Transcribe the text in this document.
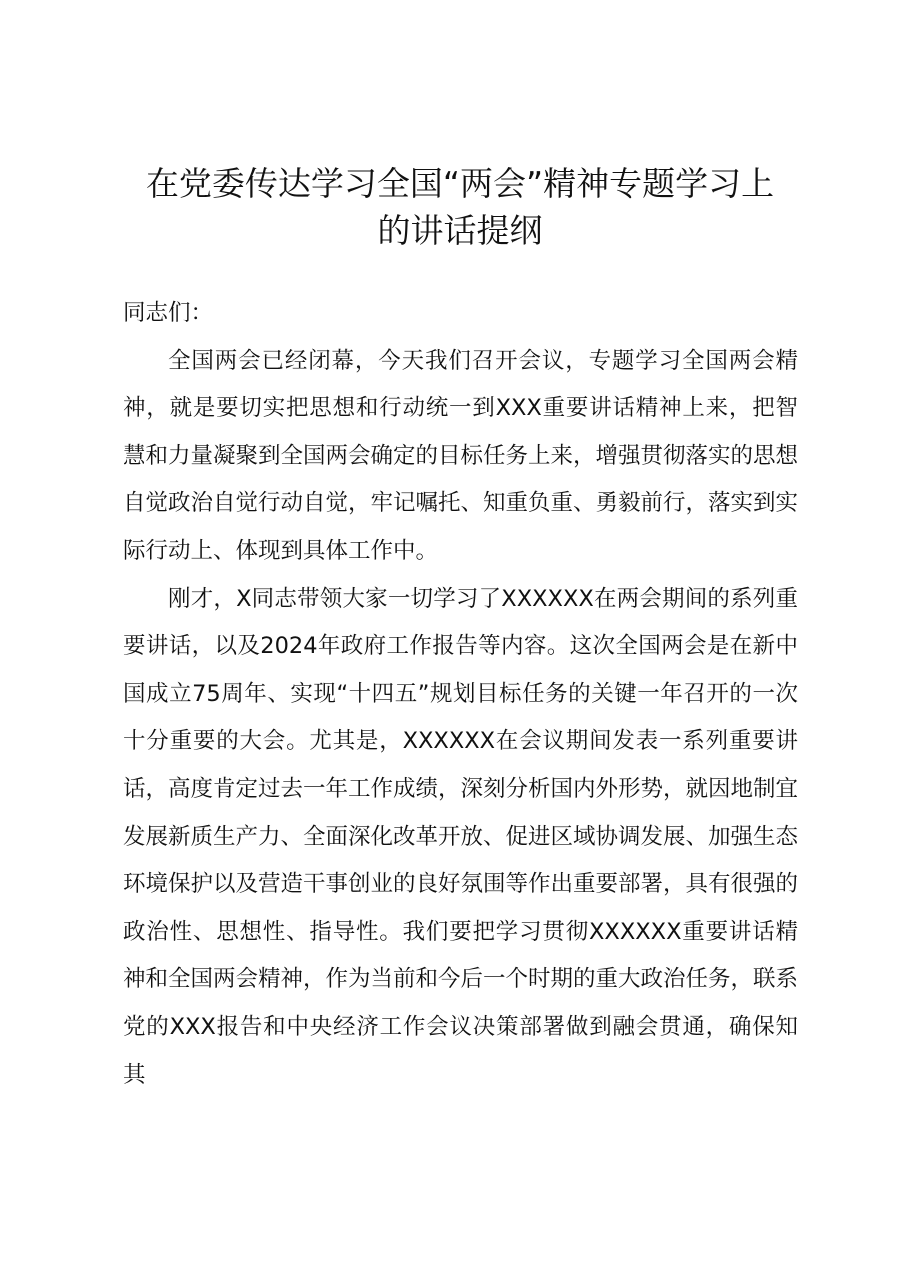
在党委传达学习全国“两会”精神专题学习上
的讲话提纲

同志们：

全国两会已经闭幕，今天我们召开会议，专题学习全国两会精神，就是要切实把思想和行动统一到XXX重要讲话精神上来，把智慧和力量凝聚到全国两会确定的目标任务上来，增强贯彻落实的思想自觉政治自觉行动自觉，牢记嘱托、知重负重、勇毅前行，落实到实际行动上、体现到具体工作中。

刚才，X同志带领大家一切学习了XXXXXX在两会期间的系列重要讲话，以及2024年政府工作报告等内容。这次全国两会是在新中国成立75周年、实现“十四五”规划目标任务的关键一年召开的一次十分重要的大会。尤其是，XXXXXX在会议期间发表一系列重要讲话，高度肯定过去一年工作成绩，深刻分析国内外形势，就因地制宜发展新质生产力、全面深化改革开放、促进区域协调发展、加强生态环境保护以及营造干事创业的良好氛围等作出重要部署，具有很强的政治性、思想性、指导性。我们要把学习贯彻XXXXXX重要讲话精神和全国两会精神，作为当前和今后一个时期的重大政治任务，联系党的XXX报告和中央经济工作会议决策部署做到融会贯通，确保知其
